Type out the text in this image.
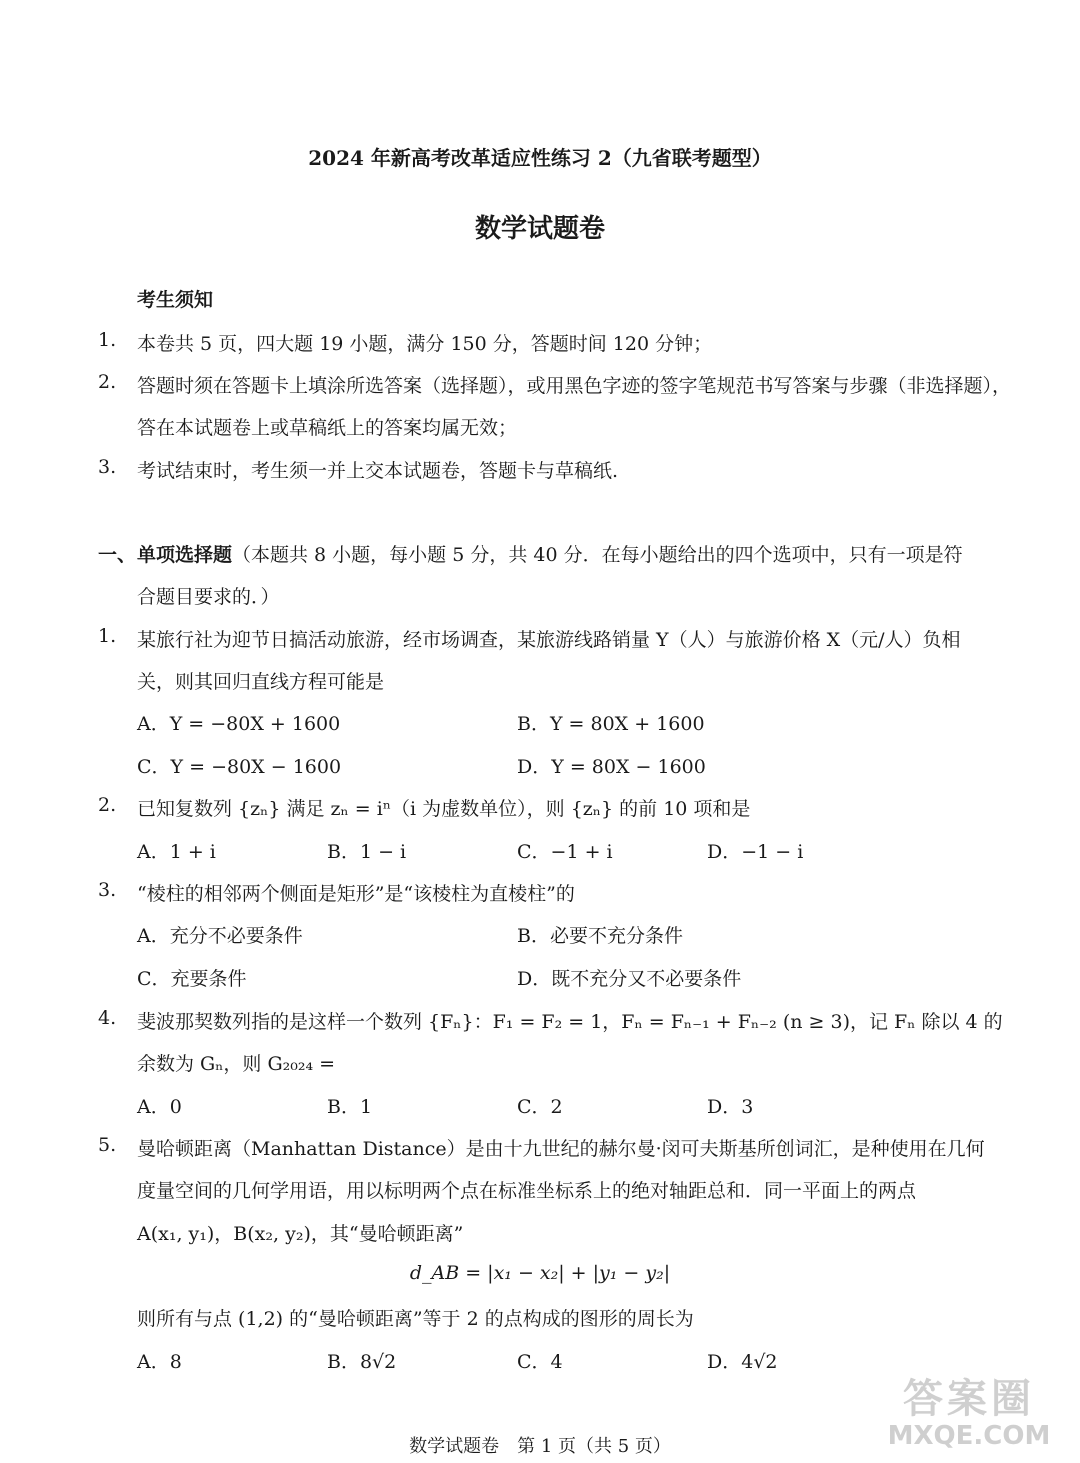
2024 年新高考改革适应性练习 2（九省联考题型）
数学试题卷
考生须知
1. 本卷共 5 页，四大题 19 小题，满分 150 分，答题时间 120 分钟；
2. 答题时须在答题卡上填涂所选答案（选择题），或用黑色字迹的签字笔规范书写答案与步骤（非选择题），
答在本试题卷上或草稿纸上的答案均属无效；
3. 考试结束时，考生须一并上交本试题卷，答题卡与草稿纸.
一、 单项选择题（本题共 8 小题，每小题 5 分，共 40 分．在每小题给出的四个选项中，只有一项是符
合题目要求的．）
1. 某旅行社为迎节日搞活动旅游，经市场调查，某旅游线路销量 Y（人）与旅游价格 X（元/人）负相
关，则其回归直线方程可能是
A．Y = −80X + 1600	B．Y = 80X + 1600
C．Y = −80X − 1600	D．Y = 80X − 1600
2. 已知复数列 {zₙ} 满足 zₙ = iⁿ（i 为虚数单位），则 {zₙ} 的前 10 项和是
A．1 + i	B．1 − i	C．−1 + i	D．−1 − i
3. “棱柱的相邻两个侧面是矩形”是“该棱柱为直棱柱”的
A．充分不必要条件	B．必要不充分条件
C．充要条件	D．既不充分又不必要条件
4. 斐波那契数列指的是这样一个数列 {Fₙ}：F₁ = F₂ = 1，Fₙ = Fₙ₋₁ + Fₙ₋₂ (n ≥ 3)，记 Fₙ 除以 4 的
余数为 Gₙ，则 G₂₀₂₄ =
A．0	B．1	C．2	D．3
5. 曼哈顿距离（Manhattan Distance）是由十九世纪的赫尔曼·闵可夫斯基所创词汇，是种使用在几何
度量空间的几何学用语，用以标明两个点在标准坐标系上的绝对轴距总和．同一平面上的两点
A(x₁, y₁)，B(x₂, y₂)，其“曼哈顿距离”
d_AB = |x₁ − x₂| + |y₁ − y₂|
则所有与点 (1,2) 的“曼哈顿距离”等于 2 的点构成的图形的周长为
A．8	B．8√2	C．4	D．4√2
数学试题卷　第 1 页（共 5 页）
答案圈
MXQE.COM
